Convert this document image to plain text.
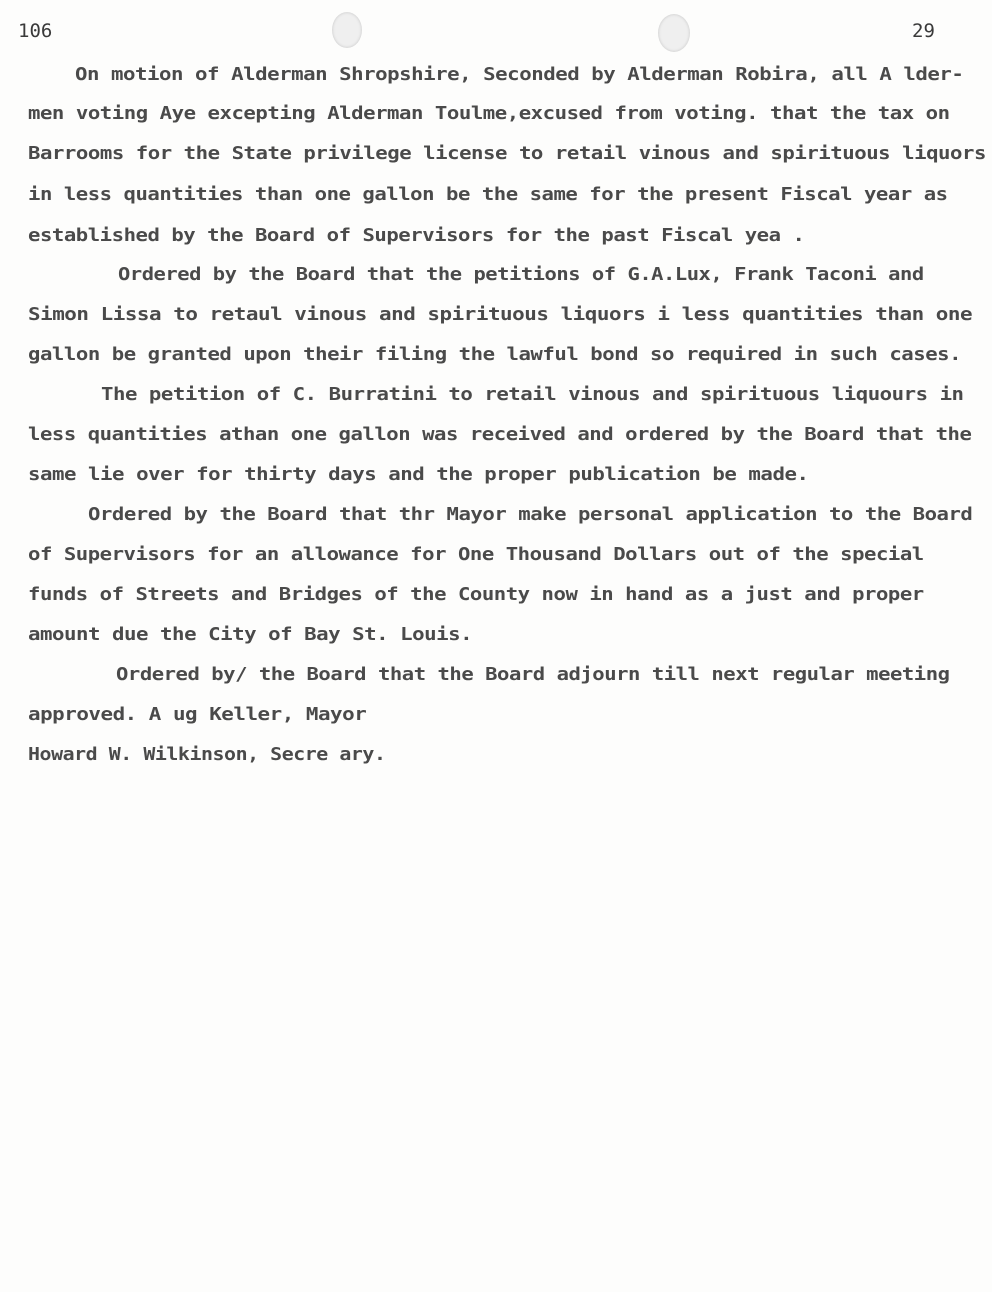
106	29
On motion of Alderman Shropshire, Seconded by Alderman Robira, all A lder-
men voting Aye excepting Alderman Toulme,excused from voting. that the tax on
Barrooms for the State privilege license to retail vinous and spirituous liquors
in less quantities than one gallon be the same for the present Fiscal year as
established by the Board of Supervisors for the past Fiscal yea .
Ordered by the Board that the petitions of G.A.Lux, Frank Taconi and
Simon Lissa to retaul vinous and spirituous liquors i less quantities than one
gallon be granted upon their filing the lawful bond so required in such cases.
The petition of C. Burratini to retail vinous and spirituous liquours in
less quantities athan one gallon was received and ordered by the Board that the
same lie over for thirty days and the proper publication be made.
Ordered by the Board that thr Mayor make personal application to the Board
of Supervisors for an allowance for One Thousand Dollars out of the special
funds of Streets and Bridges of the County now in hand as a just and proper
amount due the City of Bay St. Louis.
Ordered by/ the Board that the Board adjourn till next regular meeting
approved. A ug Keller, Mayor
Howard W. Wilkinson, Secre ary.
